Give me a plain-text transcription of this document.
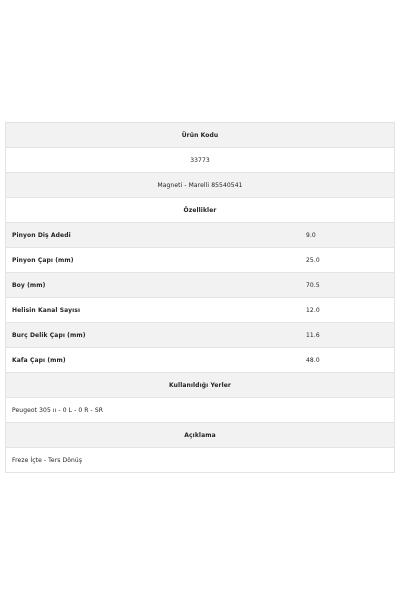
Ürün Kodu
33773
Magneti - Marelli 85540541
Özellikler
Pinyon Diş Adedi	9.0
Pinyon Çapı (mm)	25.0
Boy (mm)	70.5
Helisin Kanal Sayısı	12.0
Burç Delik Çapı (mm)	11.6
Kafa Çapı (mm)	48.0
Kullanıldığı Yerler
Peugeot 305 ıı - 0 L - 0 R - SR
Açıklama
Freze İçte - Ters Dönüş
